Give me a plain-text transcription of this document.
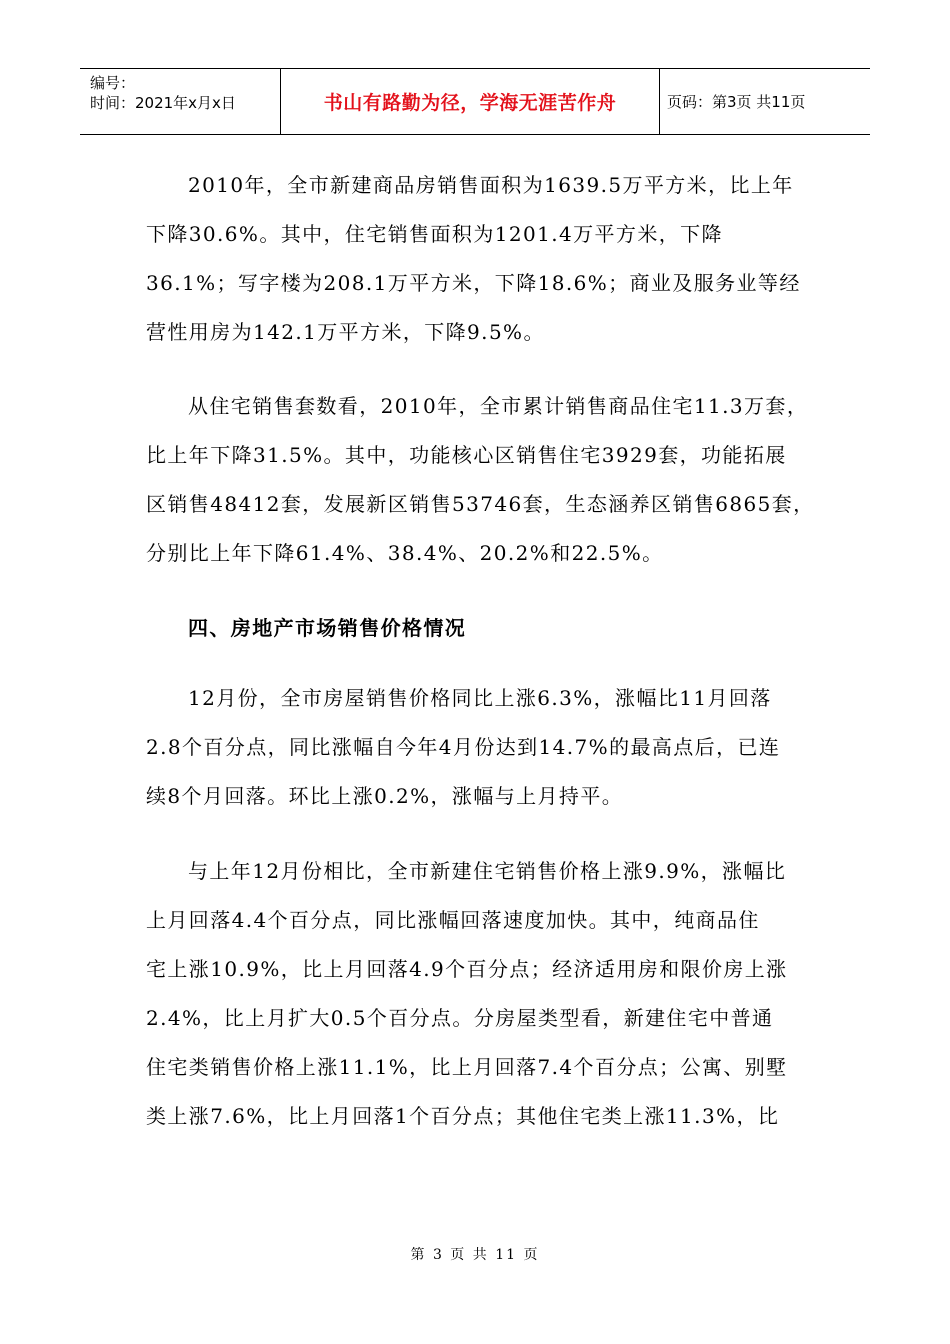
编号：
时间：2021年x月x日	书山有路勤为径，学海无涯苦作舟	页码：第3页 共11页
2010年，全市新建商品房销售面积为1639.5万平方米，比上年
下降30.6%。其中，住宅销售面积为1201.4万平方米，下降
36.1%；写字楼为208.1万平方米，下降18.6%；商业及服务业等经
营性用房为142.1万平方米，下降9.5%。
从住宅销售套数看，2010年，全市累计销售商品住宅11.3万套，
比上年下降31.5%。其中，功能核心区销售住宅3929套，功能拓展
区销售48412套，发展新区销售53746套，生态涵养区销售6865套，
分别比上年下降61.4%、38.4%、20.2%和22.5%。
四、房地产市场销售价格情况
12月份，全市房屋销售价格同比上涨6.3%，涨幅比11月回落
2.8个百分点，同比涨幅自今年4月份达到14.7%的最高点后，已连
续8个月回落。环比上涨0.2%，涨幅与上月持平。
与上年12月份相比，全市新建住宅销售价格上涨9.9%，涨幅比
上月回落4.4个百分点，同比涨幅回落速度加快。其中，纯商品住
宅上涨10.9%，比上月回落4.9个百分点；经济适用房和限价房上涨
2.4%，比上月扩大0.5个百分点。分房屋类型看，新建住宅中普通
住宅类销售价格上涨11.1%，比上月回落7.4个百分点；公寓、别墅
类上涨7.6%，比上月回落1个百分点；其他住宅类上涨11.3%，比
第 3 页 共 11 页
